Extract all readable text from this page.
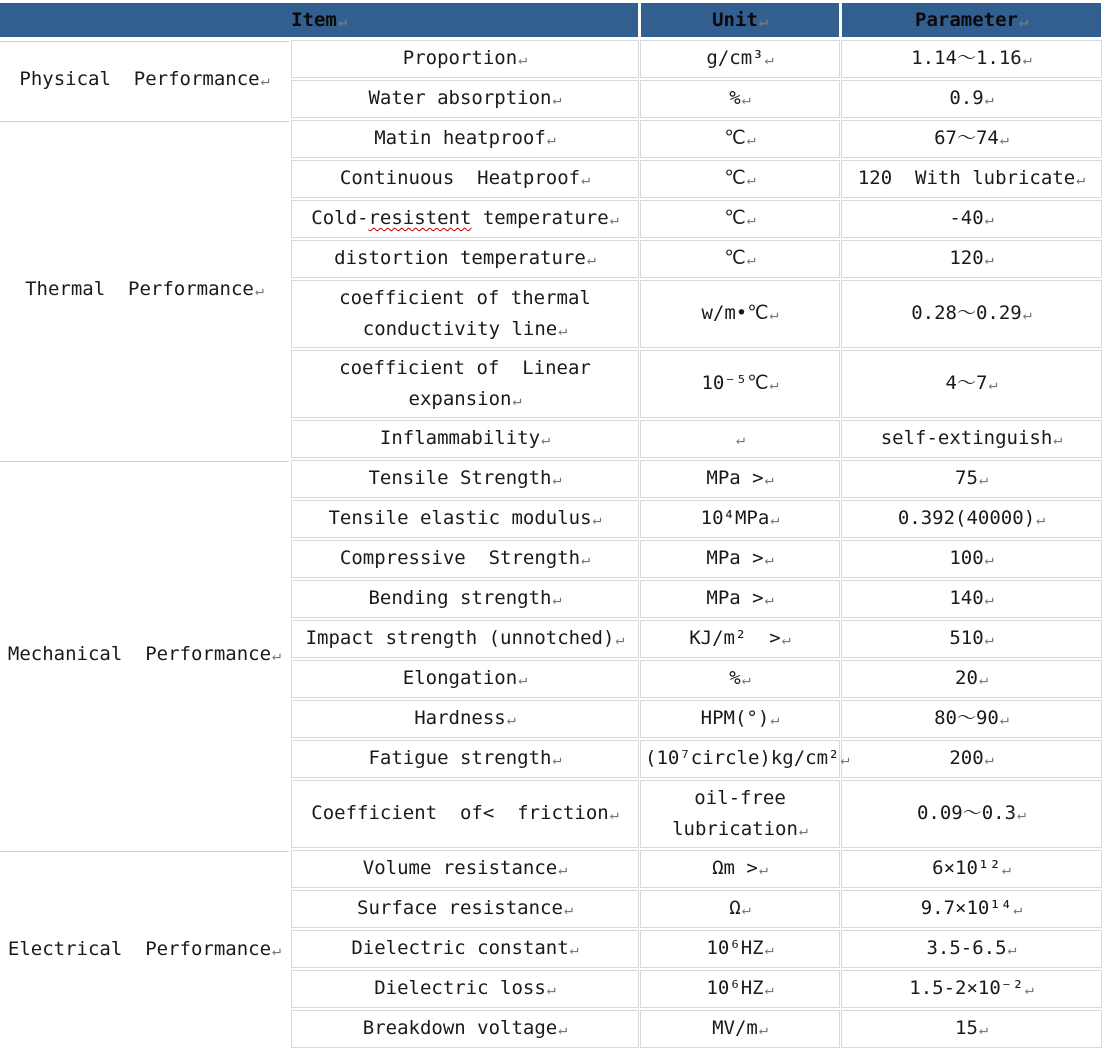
Item↵		Unit↵	Parameter↵
Physical  Performance↵	Proportion↵	g/cm³↵	1.14～1.16↵
	Water absorption↵	%↵	0.9↵
Thermal  Performance↵	Matin heatproof↵	℃↵	67～74↵
	Continuous  Heatproof↵	℃↵	120  With lubricate↵
	Cold-resistent temperature↵	℃↵	-40↵
	distortion temperature↵	℃↵	120↵
	coefficient of thermal conductivity line↵	w/m•℃↵	0.28～0.29↵
	coefficient of  Linear expansion↵	10⁻⁵℃↵	4～7↵
	Inflammability↵	↵	self-extinguish↵
Mechanical  Performance↵	Tensile Strength↵	MPa >↵	75↵
	Tensile elastic modulus↵	10⁴MPa↵	0.392(40000)↵
	Compressive  Strength↵	MPa >↵	100↵
	Bending strength↵	MPa >↵	140↵
	Impact strength (unnotched)↵	KJ/m²  >↵	510↵
	Elongation↵	%↵	20↵
	Hardness↵	HPM(°)↵	80～90↵
	Fatigue strength↵	(10⁷circle)kg/cm²↵	200↵
	Coefficient  of<  friction↵	oil-free lubrication↵	0.09～0.3↵
Electrical  Performance↵	Volume resistance↵	Ωm >↵	6×10¹²↵
	Surface resistance↵	Ω↵	9.7×10¹⁴↵
	Dielectric constant↵	10⁶HZ↵	3.5-6.5↵
	Dielectric loss↵	10⁶HZ↵	1.5-2×10⁻²↵
	Breakdown voltage↵	MV/m↵	15↵
